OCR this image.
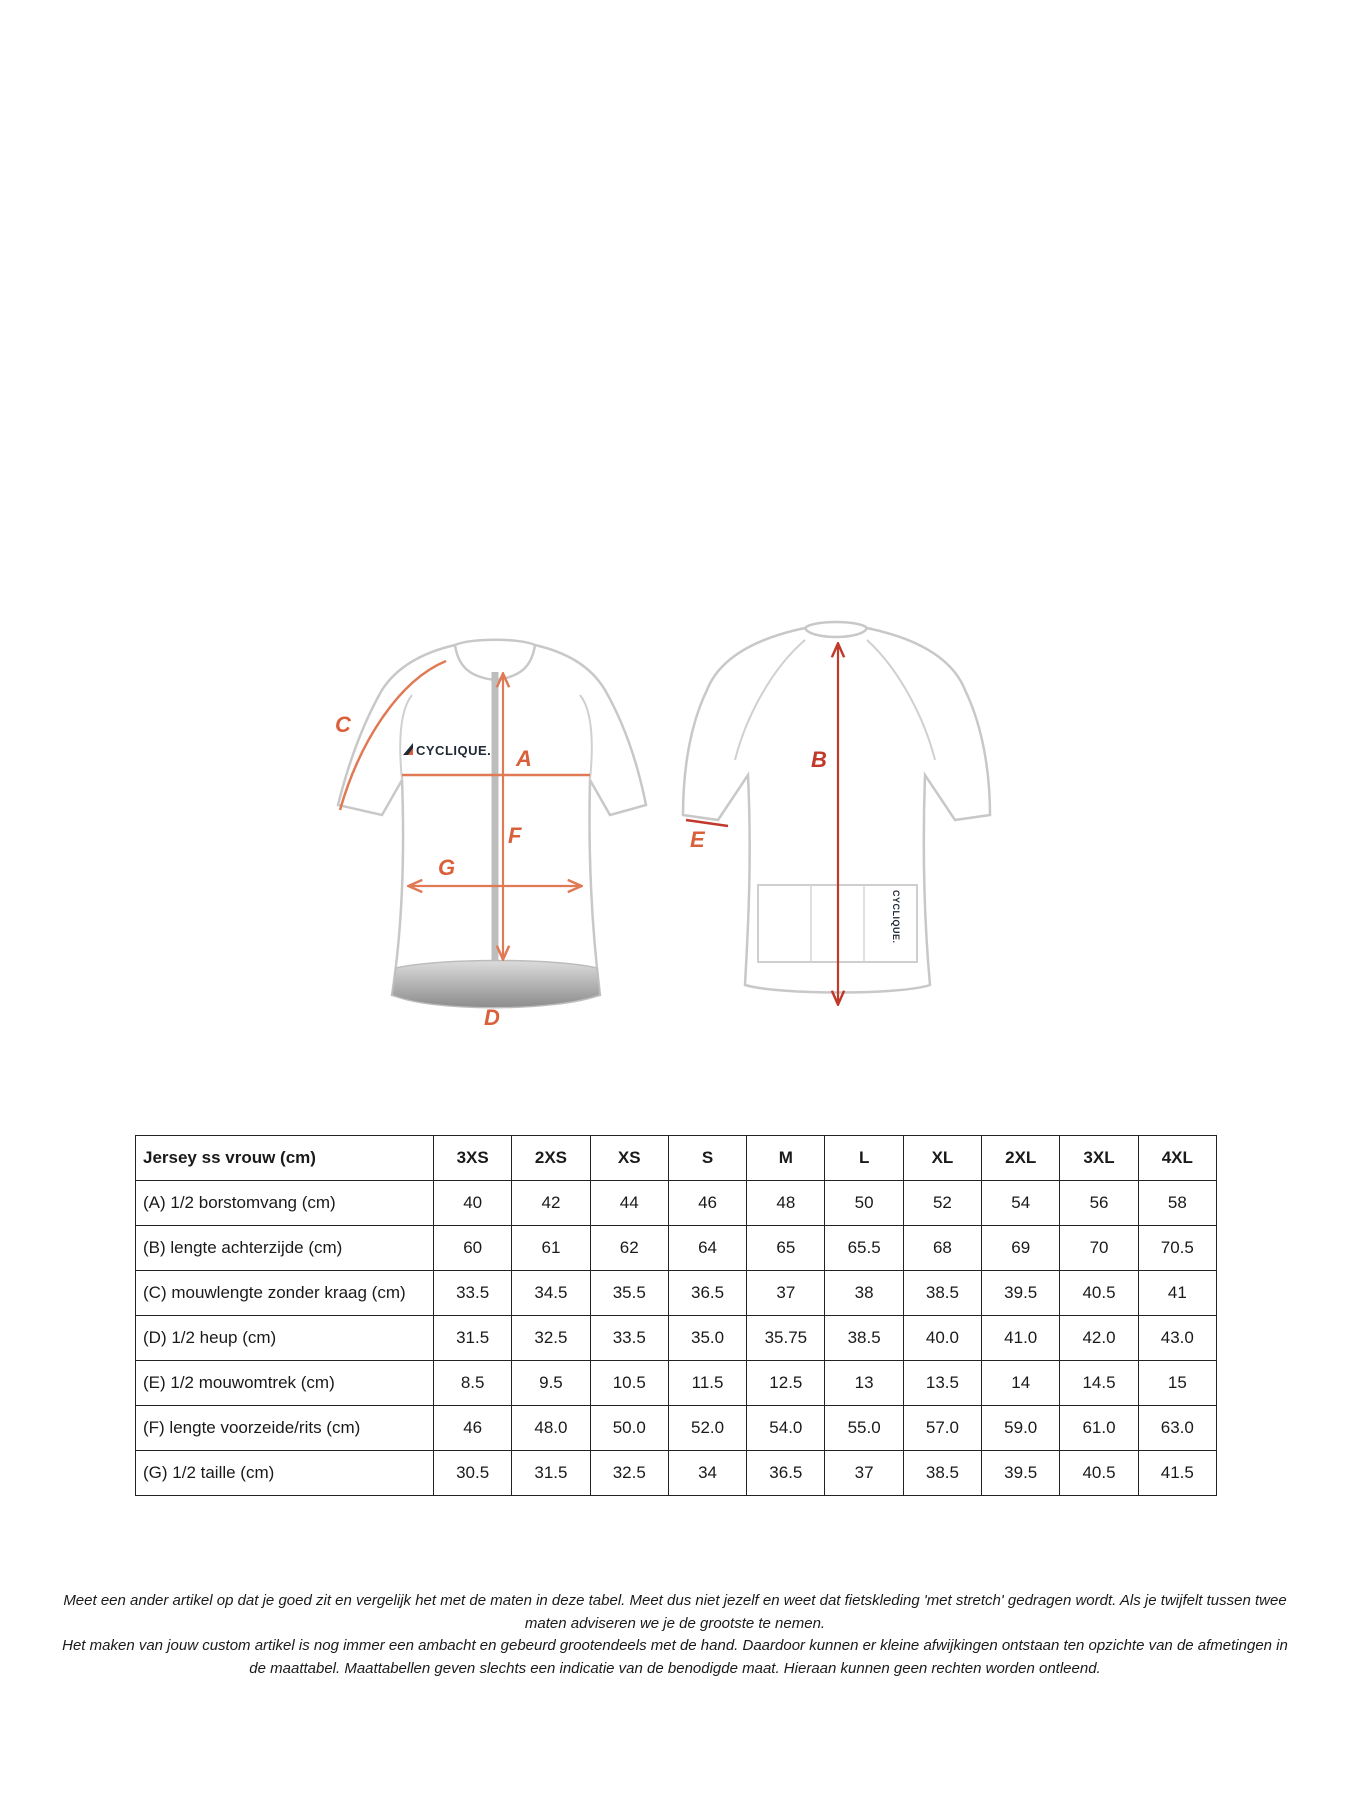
CYCLIQUE. A
F
G
C
D
CYCLIQUE.
B
E
Jersey ss vrouw (cm)	3XS	2XS	XS	S	M	L	XL	2XL	3XL	4XL
(A) 1/2 borstomvang (cm)	40	42	44	46	48	50	52	54	56	58
(B) lengte achterzijde (cm)	60	61	62	64	65	65.5	68	69	70	70.5
(C) mouwlengte zonder kraag (cm)	33.5	34.5	35.5	36.5	37	38	38.5	39.5	40.5	41
(D) 1/2 heup (cm)	31.5	32.5	33.5	35.0	35.75	38.5	40.0	41.0	42.0	43.0
(E) 1/2 mouwomtrek (cm)	8.5	9.5	10.5	11.5	12.5	13	13.5	14	14.5	15
(F) lengte voorzeide/rits (cm)	46	48.0	50.0	52.0	54.0	55.0	57.0	59.0	61.0	63.0
(G) 1/2 taille (cm)	30.5	31.5	32.5	34	36.5	37	38.5	39.5	40.5	41.5

Meet een ander artikel op dat je goed zit en vergelijk het met de maten in deze tabel. Meet dus niet jezelf en weet dat fietskleding 'met stretch' gedragen wordt. Als je twijfelt tussen twee maten adviseren we je de grootste te nemen.

Het maken van jouw custom artikel is nog immer een ambacht en gebeurd grootendeels met de hand. Daardoor kunnen er kleine afwijkingen ontstaan ten opzichte van de afmetingen in de maattabel. Maattabellen geven slechts een indicatie van de benodigde maat. Hieraan kunnen geen rechten worden ontleend.
